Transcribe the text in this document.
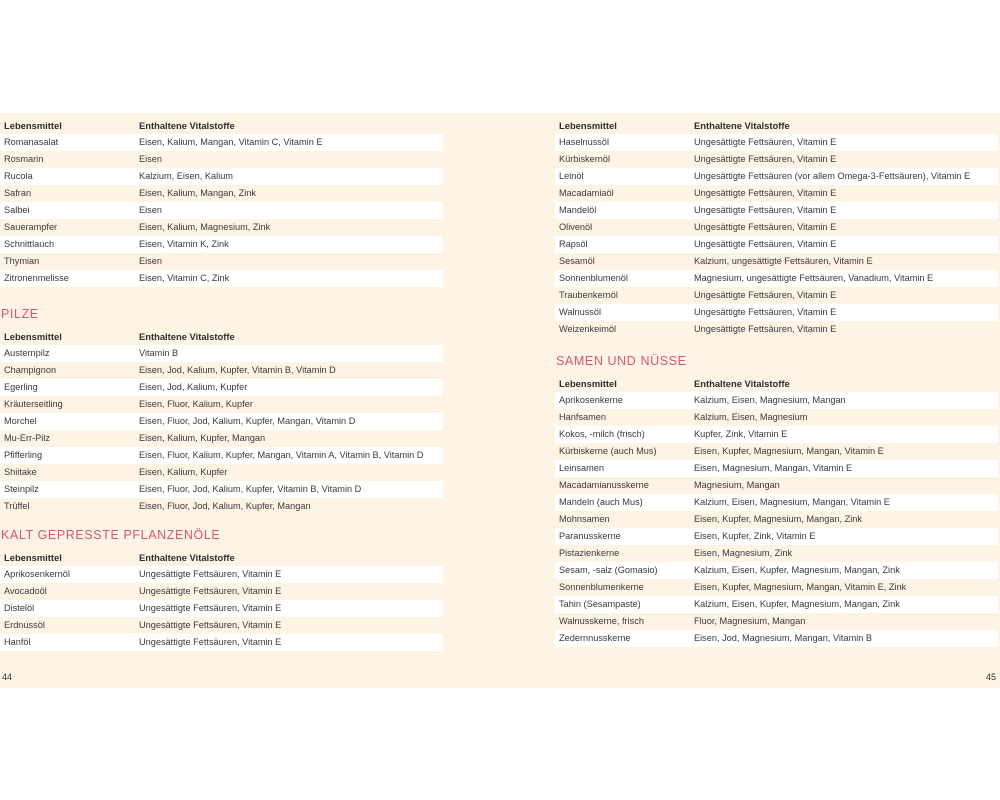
Lebensmittel	Enthaltene Vitalstoffe
Romanasalat	Eisen, Kalium, Mangan, Vitamin C, Vitamin E
Rosmarin	Eisen
Rucola	Kalzium, Eisen, Kalium
Safran	Eisen, Kalium, Mangan, Zink
Salbei	Eisen
Sauerampfer	Eisen, Kalium, Magnesium, Zink
Schnittlauch	Eisen, Vitamin K, Zink
Thymian	Eisen
Zitronenmelisse	Eisen, Vitamin C, Zink
PILZE
Lebensmittel	Enthaltene Vitalstoffe
Austernpilz	Vitamin B
Champignon	Eisen, Jod, Kalium, Kupfer, Vitamin B, Vitamin D
Egerling	Eisen, Jod, Kalium, Kupfer
Kräuterseitling	Eisen, Fluor, Kalium, Kupfer
Morchel	Eisen, Fluor, Jod, Kalium, Kupfer, Mangan, Vitamin D
Mu-Err-Pilz	Eisen, Kalium, Kupfer, Mangan
Pfifferling	Eisen, Fluor, Kalium, Kupfer, Mangan, Vitamin A, Vitamin B, Vitamin D
Shiitake	Eisen, Kalium, Kupfer
Steinpilz	Eisen, Fluor, Jod, Kalium, Kupfer, Vitamin B, Vitamin D
Trüffel	Eisen, Fluor, Jod, Kalium, Kupfer, Mangan
KALT GEPRESSTE PFLANZENÖLE
Lebensmittel	Enthaltene Vitalstoffe
Aprikosenkernöl	Ungesättigte Fettsäuren, Vitamin E
Avocadoöl	Ungesättigte Fettsäuren, Vitamin E
Distelöl	Ungesättigte Fettsäuren, Vitamin E
Erdnussöl	Ungesättigte Fettsäuren, Vitamin E
Hanföl	Ungesättigte Fettsäuren, Vitamin E
44
Lebensmittel	Enthaltene Vitalstoffe
Haselnussöl	Ungesättigte Fettsäuren, Vitamin E
Kürbiskernöl	Ungesättigte Fettsäuren, Vitamin E
Leinöl	Ungesättigte Fettsäuren (vor allem Omega-3-Fettsäuren), Vitamin E
Macadamiaöl	Ungesättigte Fettsäuren, Vitamin E
Mandelöl	Ungesättigte Fettsäuren, Vitamin E
Olivenöl	Ungesättigte Fettsäuren, Vitamin E
Rapsöl	Ungesättigte Fettsäuren, Vitamin E
Sesamöl	Kalzium, ungesättigte Fettsäuren, Vitamin E
Sonnenblumenöl	Magnesium, ungesättigte Fettsäuren, Vanadium, Vitamin E
Traubenkernöl	Ungesättigte Fettsäuren, Vitamin E
Walnussöl	Ungesättigte Fettsäuren, Vitamin E
Weizenkeimöl	Ungesättigte Fettsäuren, Vitamin E
SAMEN UND NÜSSE
Lebensmittel	Enthaltene Vitalstoffe
Aprikosenkerne	Kalzium, Eisen, Magnesium, Mangan
Hanfsamen	Kalzium, Eisen, Magnesium
Kokos, -milch (frisch)	Kupfer, Zink, Vitamin E
Kürbiskerne (auch Mus)	Eisen, Kupfer, Magnesium, Mangan, Vitamin E
Leinsamen	Eisen, Magnesium, Mangan, Vitamin E
Macadamianusskerne	Magnesium, Mangan
Mandeln (auch Mus)	Kalzium, Eisen, Magnesium, Mangan, Vitamin E
Mohnsamen	Eisen, Kupfer, Magnesium, Mangan, Zink
Paranusskerne	Eisen, Kupfer, Zink, Vitamin E
Pistazienkerne	Eisen, Magnesium, Zink
Sesam, -salz (Gomasio)	Kalzium, Eisen, Kupfer, Magnesium, Mangan, Zink
Sonnenblumenkerne	Eisen, Kupfer, Magnesium, Mangan, Vitamin E, Zink
Tahin (Sesampaste)	Kalzium, Eisen, Kupfer, Magnesium, Mangan, Zink
Walnusskerne, frisch	Fluor, Magnesium, Mangan
Zedernnusskerne	Eisen, Jod, Magnesium, Mangan, Vitamin B
45
